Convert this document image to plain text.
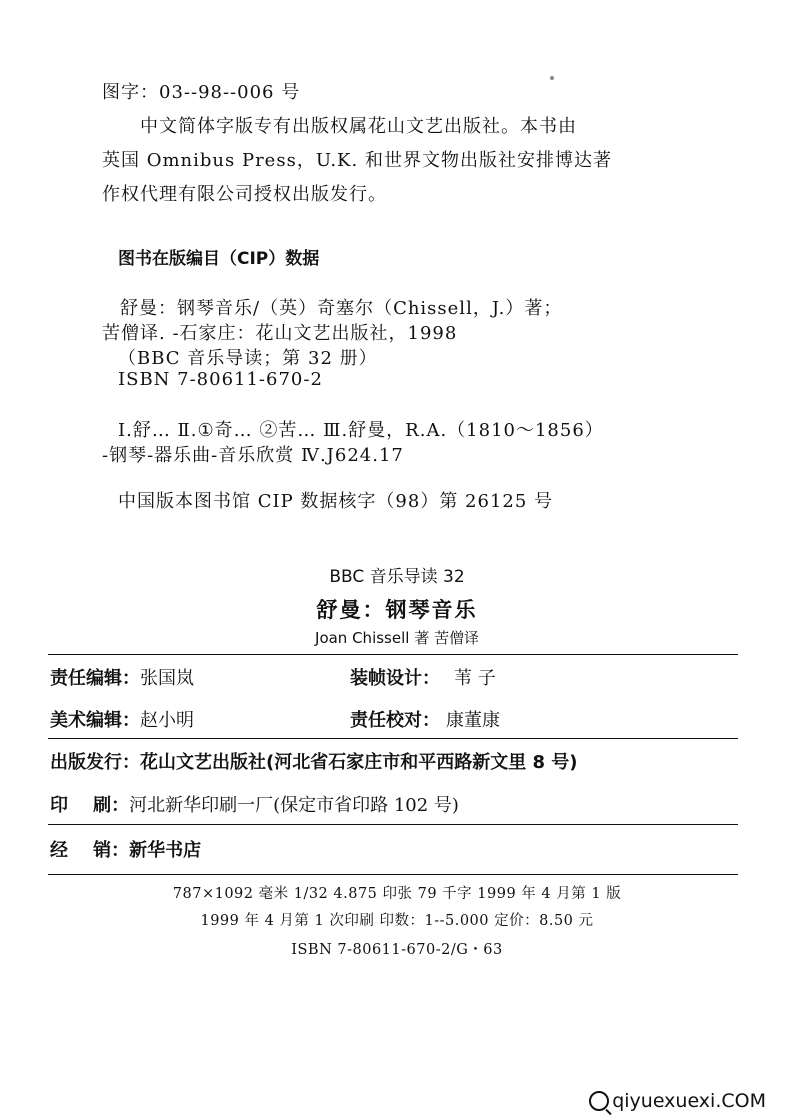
图字：03--98--006 号
中文简体字版专有出版权属花山文艺出版社。本书由
英国 Omnibus Press，U.K. 和世界文物出版社安排博达著
作权代理有限公司授权出版发行。
图书在版编目（CIP）数据
舒曼：钢琴音乐/（英）奇塞尔（Chissell，J.）著；
苦僧译. -石家庄：花山文艺出版社，1998
（BBC 音乐导读；第 32 册）
ISBN 7-80611-670-2
Ⅰ.舒… Ⅱ.①奇… ②苦… Ⅲ.舒曼，R.A.（1810～1856）
-钢琴-器乐曲-音乐欣赏 Ⅳ.J624.17
中国版本图书馆 CIP 数据核字（98）第 26125 号
BBC 音乐导读 32
舒曼：钢琴音乐
Joan Chissell 著 苦僧译
责任编辑：张国岚	装帧设计： 苇 子
美术编辑：赵小明	责任校对： 康董康
出版发行：花山文艺出版社(河北省石家庄市和平西路新文里 8 号)
印    刷：河北新华印刷一厂(保定市省印路 102 号)
经    销：新华书店
787×1092 毫米 1/32 4.875 印张 79 千字 1999 年 4 月第 1 版
1999 年 4 月第 1 次印刷 印数：1--5.000 定价：8.50 元
ISBN 7-80611-670-2/G・63
qiyuexuexi.COM
